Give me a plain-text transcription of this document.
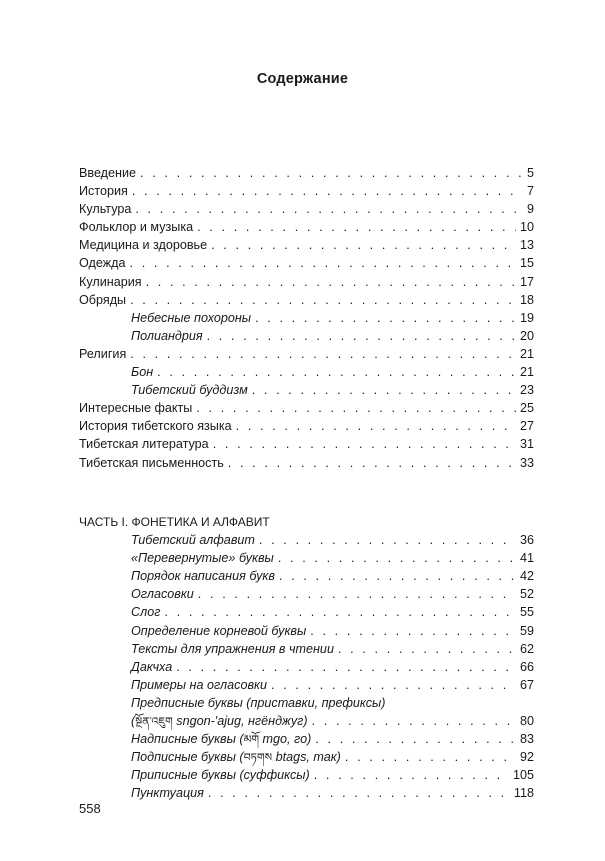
Содержание
Введение . . .	5
История . . .	7
Культура . . .	9
Фольклор и музыка . . .	10
Медицина и здоровье . . .	13
Одежда . . .	15
Кулинария . . .	17
Обряды . . .	18
Небесные похороны . . .	19
Полиандрия . . .	20
Религия . . .	21
Бон . . .	21
Тибетский буддизм . . .	23
Интересные факты . . .	25
История тибетского языка . . .	27
Тибетская литература . . .	31
Тибетская письменность . . .	33
ЧАСТЬ I. ФОНЕТИКА И АЛФАВИТ
Тибетский алфавит . . .	36
«Перевернутые» буквы . . .	41
Порядок написания букв . . .	42
Огласовки . . .	52
Слог . . .	55
Определение корневой буквы . . .	59
Тексты для упражнения в чтении . . .	62
Дакчха . . .	66
Примеры на огласовки . . .	67
Предписные буквы (приставки, префиксы)
(སྔོན་འཇུག sngon-'ajug, нгёнджуг) . . .	80
Надписные буквы (མགོ mgo, го) . . .	83
Подписные буквы (བཏགས btags, так) . . .	92
Приписные буквы (суффиксы) . . .	105
Пунктуация . . .	118
558
